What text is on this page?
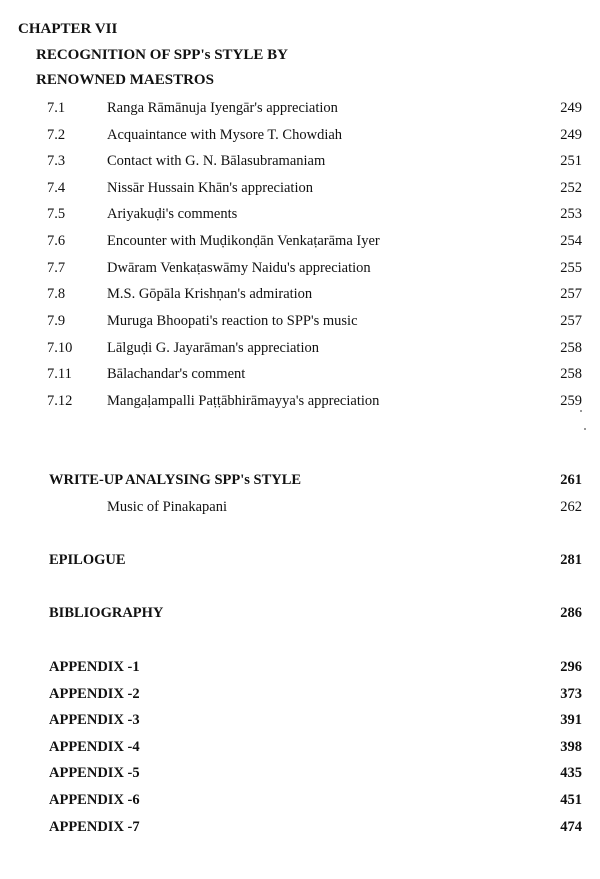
CHAPTER VII
RECOGNITION OF SPP's STYLE BY
RENOWNED MAESTROS
7.1	Ranga Rāmānuja Iyengār's appreciation	249
7.2	Acquaintance with Mysore T. Chowdiah	249
7.3	Contact with G. N. Bālasubramaniam	251
7.4	Nissār Hussain Khān's appreciation	252
7.5	Ariyakuḍi's comments	253
7.6	Encounter with Muḍikonḍān Venkaṭarāma Iyer	254
7.7	Dwāram Venkaṭaswāmy Naidu's appreciation	255
7.8	M.S. Gōpāla Krishṇan's admiration	257
7.9	Muruga Bhoopati's reaction to SPP's music	257
7.10 Lālguḍi G. Jayarāman's appreciation	258
7.11 Bālachandar's comment	258
7.12 Mangaḷampalli Paṭṭābhirāmayya's appreciation	259
WRITE-UP ANALYSING SPP's STYLE	261
Music of Pinakapani	262
EPILOGUE	281
BIBLIOGRAPHY	286
APPENDIX -1	296
APPENDIX -2	373
APPENDIX -3	391
APPENDIX -4	398
APPENDIX -5	435
APPENDIX -6	451
APPENDIX -7	474
